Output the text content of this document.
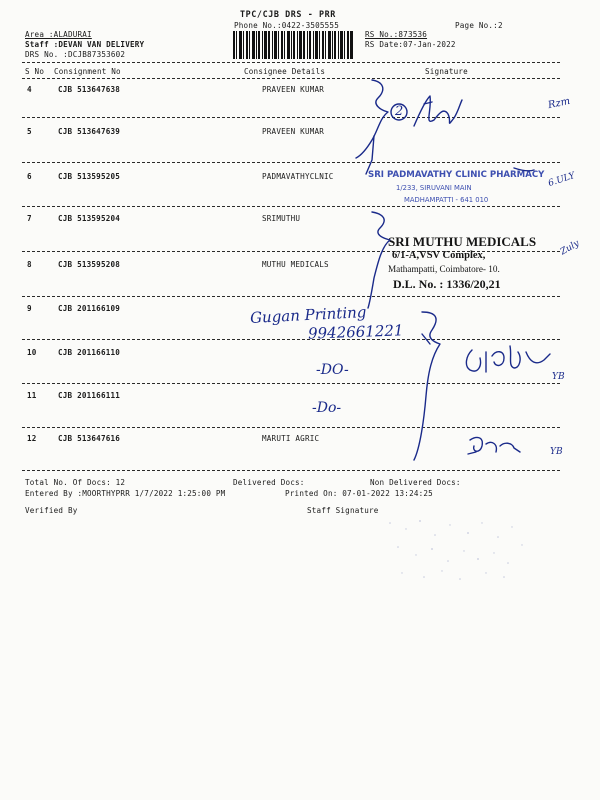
TPC/CJB DRS - PRR
Phone No.:0422-3505555	Page No.:2
Area :ALADURAI
Staff :DEVAN VAN DELIVERY
DRS No. :DCJB87353602
RS No.:873536
RS Date:07-Jan-2022
S No Consignment No	Consignee Details	Signature
4	CJB 513647638	PRAVEEN KUMAR
5	CJB 513647639	PRAVEEN KUMAR
6	CJB 513595205	PADMAVATHYCLNIC
7	CJB 513595204	SRIMUTHU
8	CJB 513595208	MUTHU MEDICALS
9	CJB 201166109
10	CJB 201166110
11	CJB 201166111
12	CJB 513647616	MARUTI AGRIC
Total No. Of Docs: 12	Delivered Docs:	Non Delivered Docs:
Entered By :MOORTHYPRR 1/7/2022 1:25:00 PM	Printed On: 07-01-2022 13:24:25
Verified By	Staff Signature
SRI PADMAVATHY CLINIC PHARMACY
1/233, SIRUVANI MAIN
MADHAMPATTI - 641 010
SRI MUTHU MEDICALS
6/1-A,VSV Complex,
Mathampatti, Coimbatore- 10.
D.L. No. : 1336/20,21
Gugan Printing
9942661221
-DO-
-Do-
Rzm
6.ULY
Zuly
YB
YB
2
